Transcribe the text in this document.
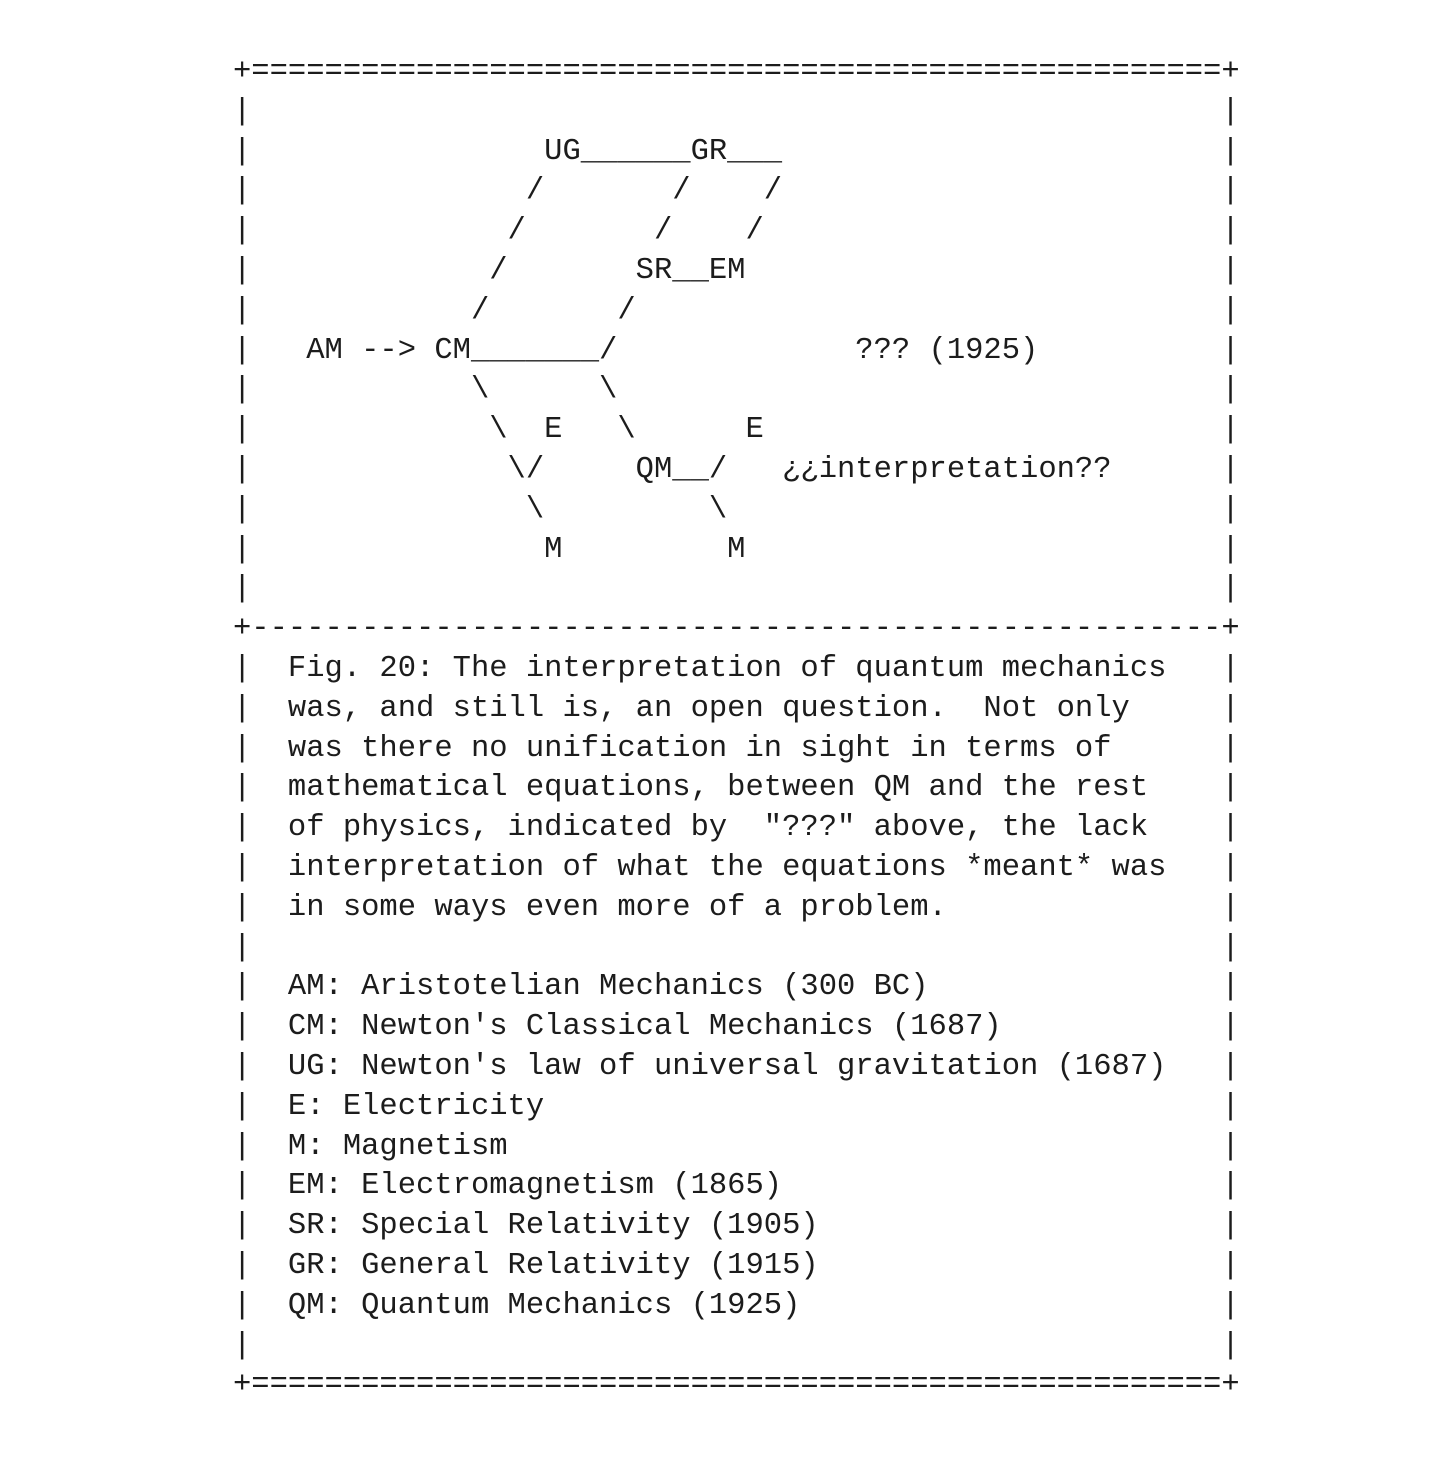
+=====================================================+
|                                                     |
|                UG______GR___                        |
|               /       /    /                        |
|              /       /    /                         |
|             /       SR__EM                          |
|            /       /                                |
|   AM --> CM_______/             ??? (1925)          |
|            \      \                                 |
|             \  E   \      E                         |
|              \/     QM__/   ¿¿interpretation??      |
|               \         \                           |
|                M         M                          |
|                                                     |
+-----------------------------------------------------+
|  Fig. 20: The interpretation of quantum mechanics   |
|  was, and still is, an open question.  Not only     |
|  was there no unification in sight in terms of      |
|  mathematical equations, between QM and the rest    |
|  of physics, indicated by  "???" above, the lack    |
|  interpretation of what the equations *meant* was   |
|  in some ways even more of a problem.               |
|                                                     |
|  AM: Aristotelian Mechanics (300 BC)                |
|  CM: Newton's Classical Mechanics (1687)            |
|  UG: Newton's law of universal gravitation (1687)   |
|  E: Electricity                                     |
|  M: Magnetism                                       |
|  EM: Electromagnetism (1865)                        |
|  SR: Special Relativity (1905)                      |
|  GR: General Relativity (1915)                      |
|  QM: Quantum Mechanics (1925)                       |
|                                                     |
+=====================================================+
